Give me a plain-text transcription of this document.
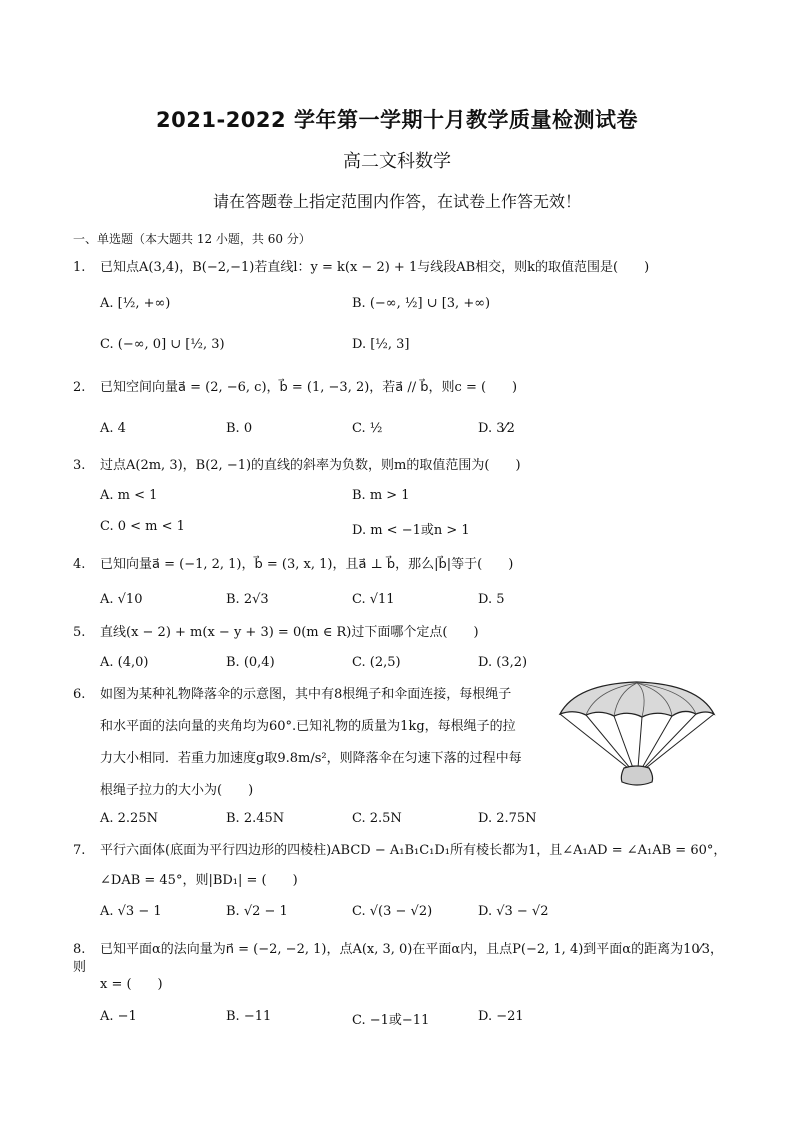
2021-2022 学年第一学期十月教学质量检测试卷
高二文科数学
请在答题卷上指定范围内作答，在试卷上作答无效！
一、单选题（本大题共 12 小题，共 60 分）
1. 已知点A(3,4)，B(−2,−1)若直线l：y = k(x − 2) + 1与线段AB相交，则k的取值范围是(　　)
A. [½, +∞)	B. (−∞, ½] ∪ [3, +∞)
C. (−∞, 0] ∪ [½, 3)	D. [½, 3]
2. 已知空间向量a⃗ = (2, −6, c)，b⃗ = (1, −3, 2)，若a⃗ // b⃗，则c = (　　)
A. 4	B. 0	C. ½	D. 3⁄2
3. 过点A(2m, 3)，B(2, −1)的直线的斜率为负数，则m的取值范围为(　　)
A. m < 1	B. m > 1
C. 0 < m < 1	D. m < −1或n > 1
4. 已知向量a⃗ = (−1, 2, 1)，b⃗ = (3, x, 1)，且a⃗ ⊥ b⃗，那么|b⃗|等于(　　)
A. √10	B. 2√3	C. √11	D. 5
5. 直线(x − 2) + m(x − y + 3) = 0(m ∈ R)过下面哪个定点(　　)
A. (4,0)	B. (0,4)	C. (2,5)	D. (3,2)
6.	如图为某种礼物降落伞的示意图，其中有8根绳子和伞面连接，每根绳子
和水平面的法向量的夹角均为60°.已知礼物的质量为1kg，每根绳子的拉
力大小相同．若重力加速度g取9.8m/s²，则降落伞在匀速下落的过程中每
根绳子拉力的大小为(　　)
A. 2.25N	B. 2.45N	C. 2.5N	D. 2.75N
7. 平行六面体(底面为平行四边形的四棱柱)ABCD − A₁B₁C₁D₁所有棱长都为1，且∠A₁AD = ∠A₁AB = 60°，
∠DAB = 45°，则|BD₁| = (　　)
A. √3 − 1	B. √2 − 1	C. √(3 − √2)	D. √3 − √2
8. 已知平面α的法向量为n⃗ = (−2, −2, 1)，点A(x, 3, 0)在平面α内，且点P(−2, 1, 4)到平面α的距离为10⁄3，则
x = (　　)
A. −1	B. −11	C. −1或−11	D. −21
